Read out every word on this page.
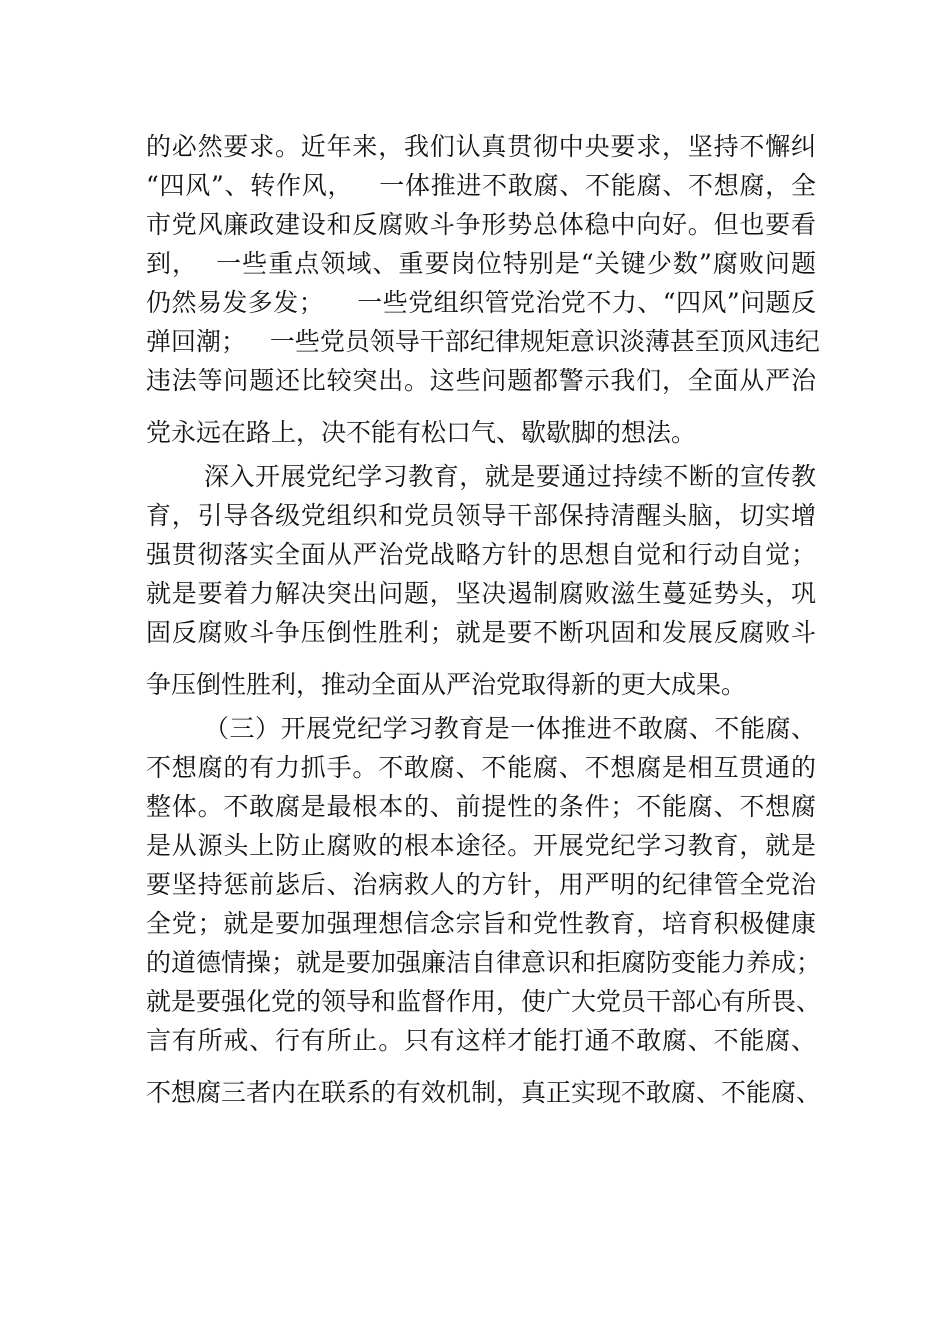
的必然要求。近年来，我们认真贯彻中央要求，坚持不懈纠
“四风”、转作风，   一体推进不敢腐、不能腐、不想腐，全
市党风廉政建设和反腐败斗争形势总体稳中向好。但也要看
到，  一些重点领域、重要岗位特别是“关键少数”腐败问题
仍然易发多发；    一些党组织管党治党不力、“四风”问题反
弹回潮；   一些党员领导干部纪律规矩意识淡薄甚至顶风违纪
违法等问题还比较突出。这些问题都警示我们，全面从严治
党永远在路上，决不能有松口气、歇歇脚的想法。
深入开展党纪学习教育，就是要通过持续不断的宣传教
育，引导各级党组织和党员领导干部保持清醒头脑，切实增
强贯彻落实全面从严治党战略方针的思想自觉和行动自觉；
就是要着力解决突出问题，坚决遏制腐败滋生蔓延势头，巩
固反腐败斗争压倒性胜利；就是要不断巩固和发展反腐败斗
争压倒性胜利，推动全面从严治党取得新的更大成果。
（三）开展党纪学习教育是一体推进不敢腐、不能腐、
不想腐的有力抓手。不敢腐、不能腐、不想腐是相互贯通的
整体。不敢腐是最根本的、前提性的条件；不能腐、不想腐
是从源头上防止腐败的根本途径。开展党纪学习教育，就是
要坚持惩前毖后、治病救人的方针，用严明的纪律管全党治
全党；就是要加强理想信念宗旨和党性教育，培育积极健康
的道德情操；就是要加强廉洁自律意识和拒腐防变能力养成；
就是要强化党的领导和监督作用，使广大党员干部心有所畏、
言有所戒、行有所止。只有这样才能打通不敢腐、不能腐、
不想腐三者内在联系的有效机制，真正实现不敢腐、不能腐、
